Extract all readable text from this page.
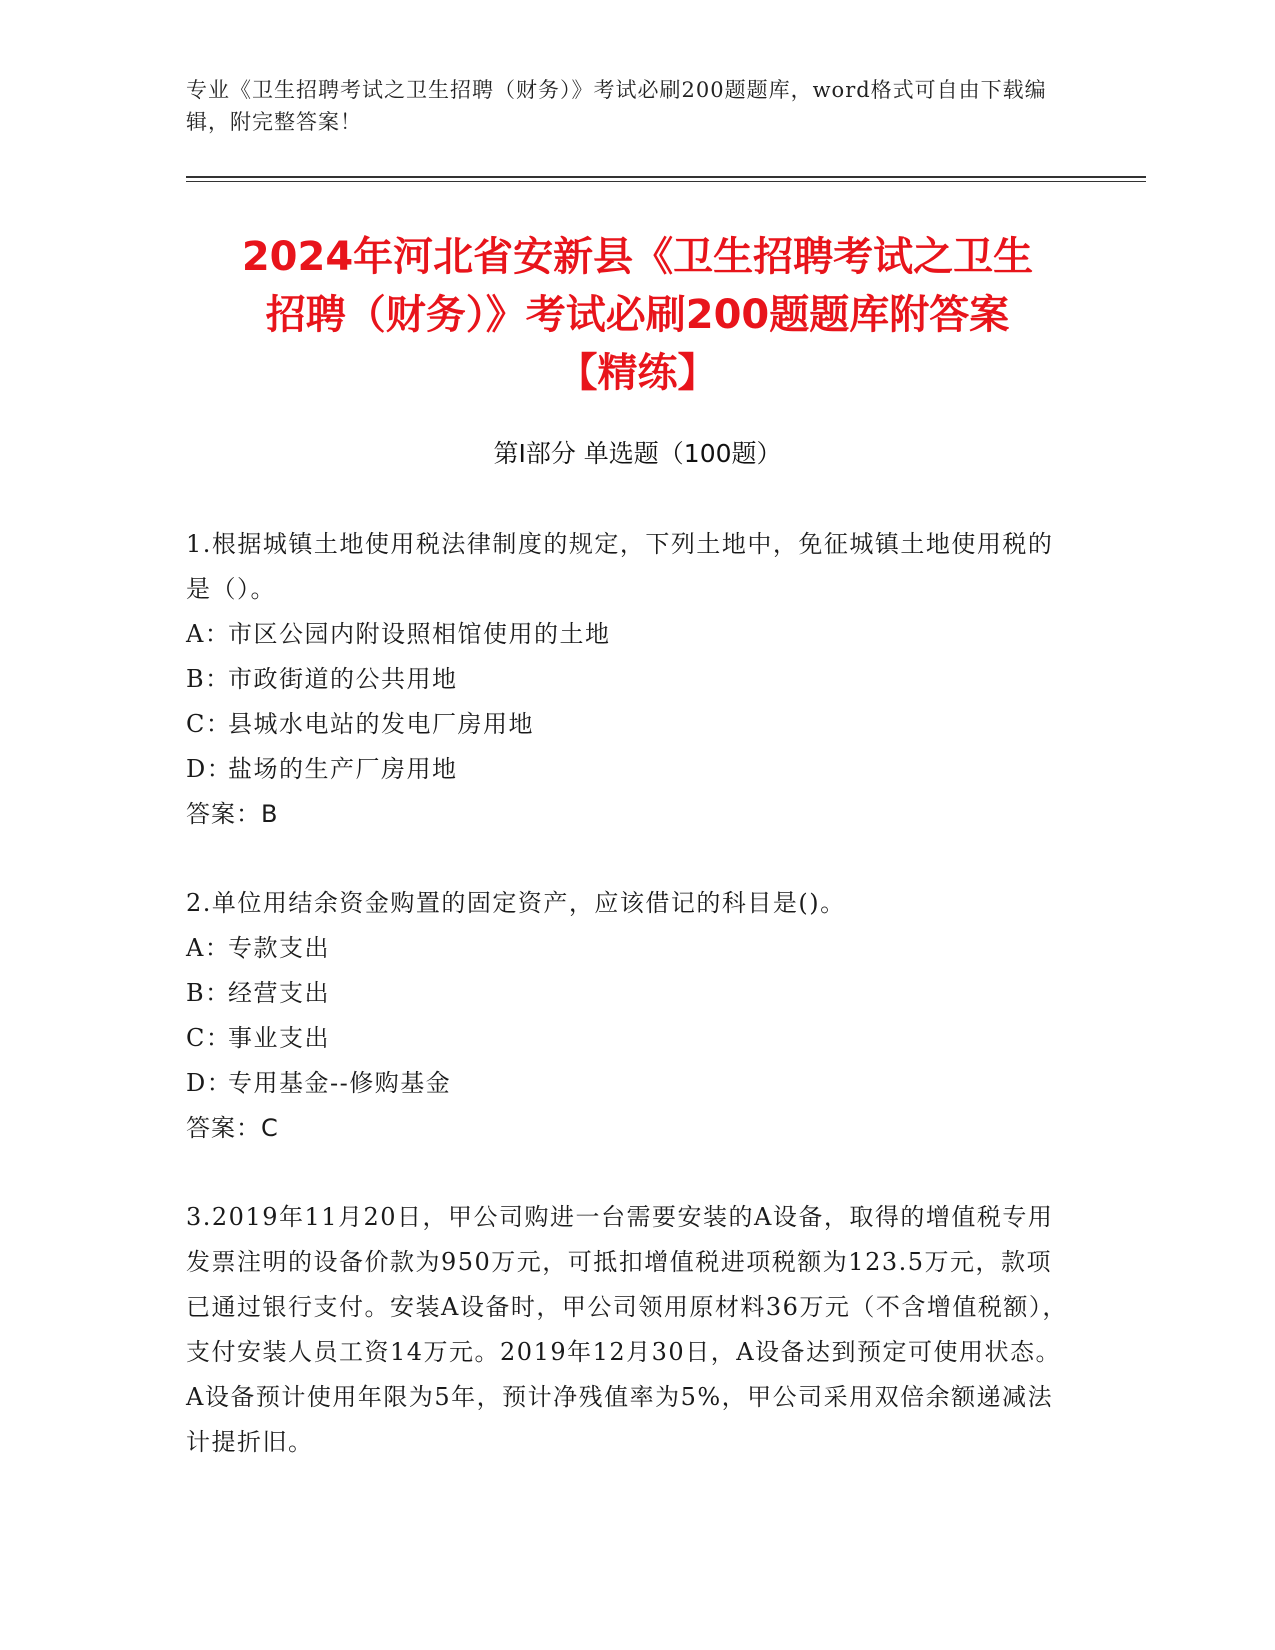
专业《卫生招聘考试之卫生招聘（财务）》考试必刷200题题库，word格式可自由下载编辑，附完整答案！
2024年河北省安新县《卫生招聘考试之卫生
招聘（财务）》考试必刷200题题库附答案
【精练】
第I部分 单选题（100题）
1.根据城镇土地使用税法律制度的规定，下列土地中，免征城镇土地使用税的是（）。
A：市区公园内附设照相馆使用的土地
B：市政街道的公共用地
C：县城水电站的发电厂房用地
D：盐场的生产厂房用地
答案：B
2.单位用结余资金购置的固定资产，应该借记的科目是()。
A：专款支出
B：经营支出
C：事业支出
D：专用基金--修购基金
答案：C
3.2019年11月20日，甲公司购进一台需要安装的A设备，取得的增值税专用发票注明的设备价款为950万元，可抵扣增值税进项税额为123.5万元，款项已通过银行支付。安装A设备时，甲公司领用原材料36万元（不含增值税额），支付安装人员工资14万元。2019年12月30日，A设备达到预定可使用状态。A设备预计使用年限为5年，预计净残值率为5%，甲公司采用双倍余额递减法计提折旧。
